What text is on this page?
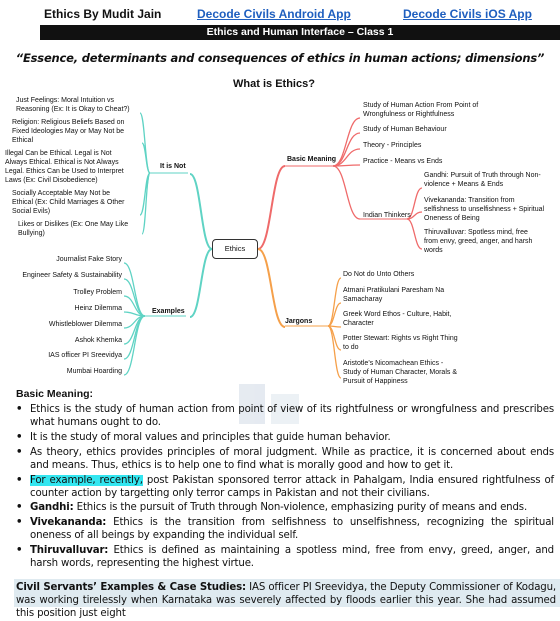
Ethics By Mudit Jain	Decode Civils Android App	Decode Civils iOS App
Ethics and Human Interface – Class 1
“Essence, determinants and consequences of ethics in human actions; dimensions”
What is Ethics?
Ethics
It is Not
Just Feelings: Moral Intuition vs
Reasoning (Ex: It is Okay to Cheat?)
Religion: Religious Beliefs Based on
Fixed Ideologies May or May Not be
Ethical
Illegal Can be Ethical. Legal is Not
Always Ethical. Ethical is Not Always
Legal. Ethics Can be Used to Interpret
Laws (Ex: Civil Disobedience)
Socially Acceptable May Not be
Ethical (Ex: Child Marriages & Other
Social Evils)
Likes or Dislikes (Ex: One May Like
Bullying)
Examples
Journalist Fake Story
Engineer Safety & Sustainability
Trolley Problem
Heinz Dilemma
Whistleblower Dilemma
Ashok Khemka
IAS officer PI Sreevidya
Mumbai Hoarding
Basic Meaning
Study of Human Action From Point of
Wrongfulness or Rightfulness
Study of Human Behaviour
Theory - Principles
Practice - Means vs Ends
Indian Thinkers
Gandhi: Pursuit of Truth through Non-
violence + Means & Ends
Vivekananda: Transition from
selfishness to unselfishness + Spiritual
Oneness of Being
Thiruvalluvar: Spotless mind, free
from envy, greed, anger, and harsh
words
Jargons
Do Not do Unto Others
Atmani Pratikulani Paresham Na
Samacharay
Greek Word Ethos - Culture, Habit,
Character
Potter Stewart: Rights vs Right Thing
to do
Aristotle’s Nicomachean Ethics -
Study of Human Character, Morals &
Pursuit of Happiness
Basic Meaning:
• Ethics is the study of human action from point of view of its rightfulness or wrongfulness and prescribes what humans ought to do.
• It is the study of moral values and principles that guide human behavior.
• As theory, ethics provides principles of moral judgment. While as practice, it is concerned about ends and means. Thus, ethics is to help one to find what is morally good and how to get it.
• For example, recently, post Pakistan sponsored terror attack in Pahalgam, India ensured rightfulness of counter action by targetting only terror camps in Pakistan and not their civilians.
• Gandhi: Ethics is the pursuit of Truth through Non-violence, emphasizing purity of means and ends.
• Vivekananda: Ethics is the transition from selfishness to unselfishness, recognizing the spiritual oneness of all beings by expanding the individual self.
• Thiruvalluvar: Ethics is defined as maintaining a spotless mind, free from envy, greed, anger, and harsh words, representing the highest virtue.
Civil Servants’ Examples & Case Studies: IAS officer PI Sreevidya, the Deputy Commissioner of Kodagu, was working tirelessly when Karnataka was severely affected by floods earlier this year. She had assumed this position just eight
